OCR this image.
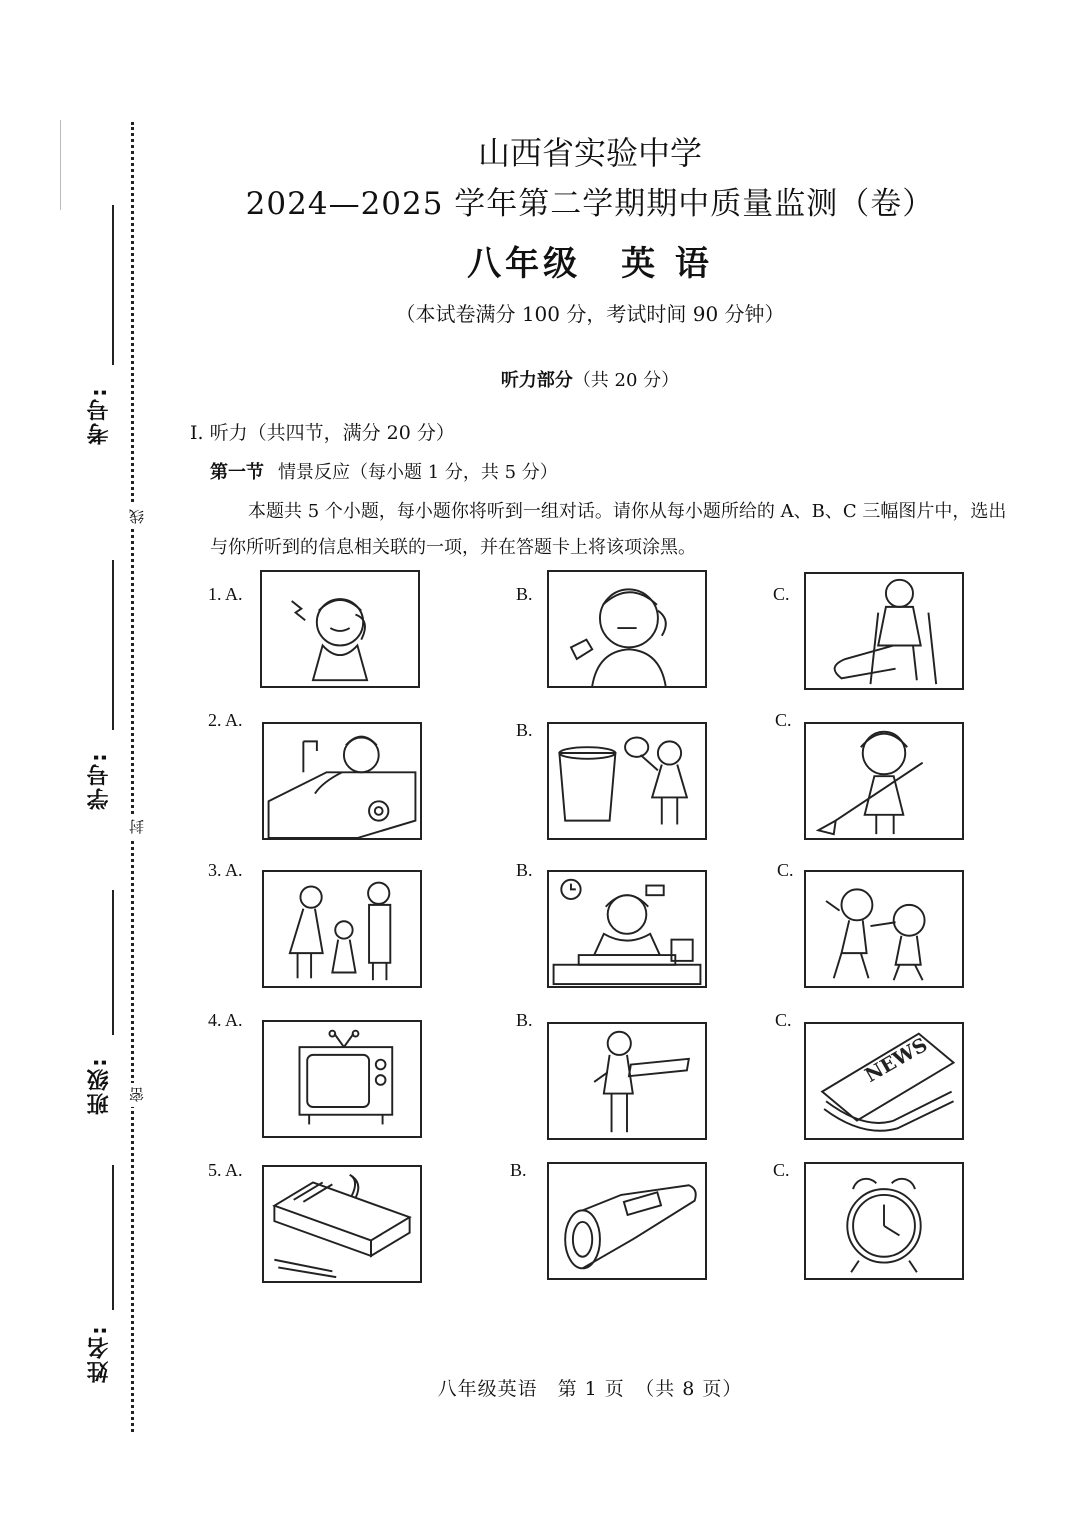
考号:
学号:
班级:
姓名:
线
封
密
山西省实验中学
2024—2025 学年第二学期期中质量监测（卷）
八年级 英 语
（本试卷满分 100 分，考试时间 90 分钟）
听力部分（共 20 分）
I. 听力（共四节，满分 20 分）
第一节 情景反应（每小题 1 分，共 5 分）
本题共 5 个小题，每小题你将听到一组对话。请你从每小题所给的 A、B、C 三幅图片中，选出与你所听到的信息相关联的一项，并在答题卡上将该项涂黑。
1. A.	B.	C.
2. A.	B.	C.
3. A.	B.	C.
4. A.	B.	C.
NEWS
5. A.	B.	C.
八年级英语　第 1 页　（共 8 页）
